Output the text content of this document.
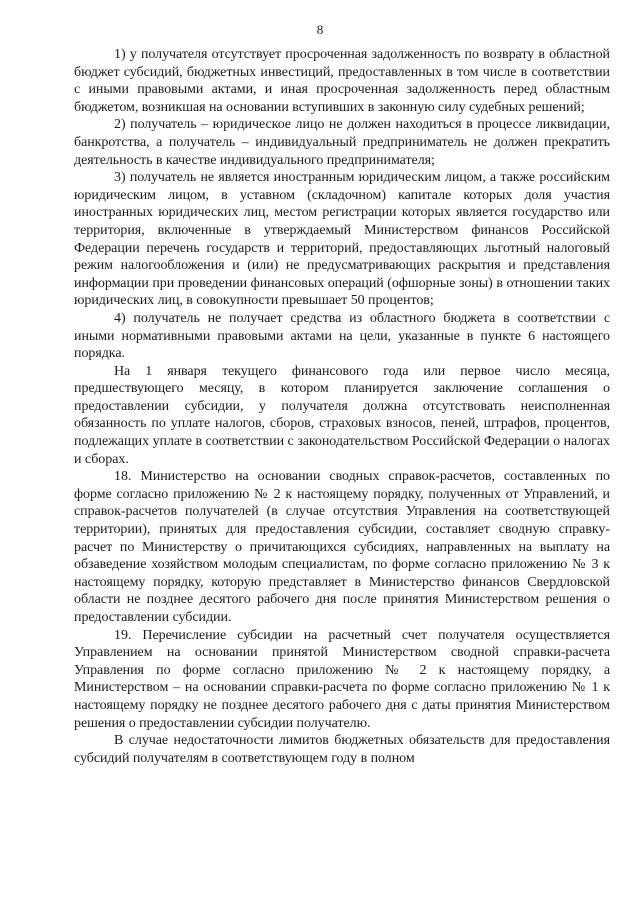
8

1) у получателя отсутствует просроченная задолженность по возврату в областной бюджет субсидий, бюджетных инвестиций, предоставленных в том числе в соответствии с иными правовыми актами, и иная просроченная задолженность перед областным бюджетом, возникшая на основании вступивших в законную силу судебных решений;

2) получатель – юридическое лицо не должен находиться в процессе ликвидации, банкротства, а получатель – индивидуальный предприниматель не должен прекратить деятельность в качестве индивидуального предпринимателя;

3) получатель не является иностранным юридическим лицом, а также российским юридическим лицом, в уставном (складочном) капитале которых доля участия иностранных юридических лиц, местом регистрации которых является государство или территория, включенные в утверждаемый Министерством финансов Российской Федерации перечень государств и территорий, предоставляющих льготный налоговый режим налогообложения и (или) не предусматривающих раскрытия и представления информации при проведении финансовых операций (офшорные зоны) в отношении таких юридических лиц, в совокупности превышает 50 процентов;

4) получатель не получает средства из областного бюджета в соответствии с иными нормативными правовыми актами на цели, указанные в пункте 6 настоящего порядка.

На 1 января текущего финансового года или первое число месяца, предшествующего месяцу, в котором планируется заключение соглашения о предоставлении субсидии, у получателя должна отсутствовать неисполненная обязанность по уплате налогов, сборов, страховых взносов, пеней, штрафов, процентов, подлежащих уплате в соответствии с законодательством Российской Федерации о налогах и сборах.

18. Министерство на основании сводных справок-расчетов, составленных по форме согласно приложению № 2 к настоящему порядку, полученных от Управлений, и справок-расчетов получателей (в случае отсутствия Управления на соответствующей территории), принятых для предоставления субсидии, составляет сводную справку-расчет по Министерству о причитающихся субсидиях, направленных на выплату на обзаведение хозяйством молодым специалистам, по форме согласно приложению № 3 к настоящему порядку, которую представляет в Министерство финансов Свердловской области не позднее десятого рабочего дня после принятия Министерством решения о предоставлении субсидии.

19. Перечисление субсидии на расчетный счет получателя осуществляется Управлением на основании принятой Министерством сводной справки-расчета Управления по форме согласно приложению № 2 к настоящему порядку, а Министерством – на основании справки-расчета по форме согласно приложению № 1 к настоящему порядку не позднее десятого рабочего дня с даты принятия Министерством решения о предоставлении субсидии получателю.

В случае недостаточности лимитов бюджетных обязательств для предоставления субсидий получателям в соответствующем году в полном
